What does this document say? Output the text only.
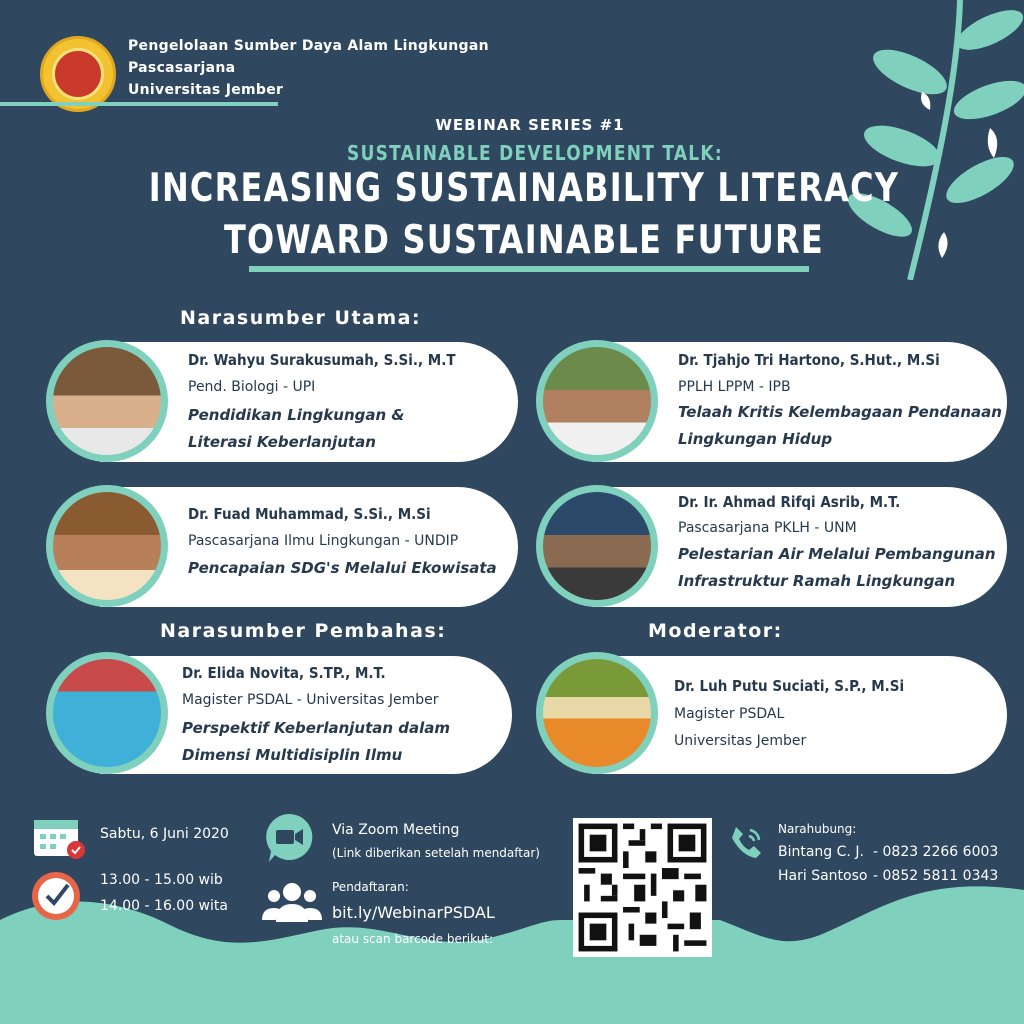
Pengelolaan Sumber Daya Alam Lingkungan
Pascasarjana
Universitas Jember
WEBINAR SERIES #1
SUSTAINABLE DEVELOPMENT TALK:
INCREASING SUSTAINABILITY LITERACY
TOWARD SUSTAINABLE FUTURE
Narasumber Utama:
Dr. Wahyu Surakusumah, S.Si., M.T
Pend. Biologi - UPI
Pendidikan Lingkungan &
Literasi Keberlanjutan
Dr. Tjahjo Tri Hartono, S.Hut., M.Si
PPLH LPPM - IPB
Telaah Kritis Kelembagaan Pendanaan
Lingkungan Hidup
Dr. Fuad Muhammad, S.Si., M.Si
Pascasarjana Ilmu Lingkungan - UNDIP
Pencapaian SDG's Melalui Ekowisata
Dr. Ir. Ahmad Rifqi Asrib, M.T.
Pascasarjana PKLH - UNM
Pelestarian Air Melalui Pembangunan
Infrastruktur Ramah Lingkungan
Narasumber Pembahas:	Moderator:
Dr. Elida Novita, S.TP., M.T.
Magister PSDAL - Universitas Jember
Perspektif Keberlanjutan dalam
Dimensi Multidisiplin Ilmu
Dr. Luh Putu Suciati, S.P., M.Si
Magister PSDAL
Universitas Jember
Sabtu, 6 Juni 2020
13.00 - 15.00 wib
14.00 - 16.00 wita
Via Zoom Meeting
(Link diberikan setelah mendaftar)
Pendaftaran:
bit.ly/WebinarPSDAL
atau scan barcode berikut:
Narahubung:
Bintang C. J. - 0823 2266 6003
Hari Santoso - 0852 5811 0343
